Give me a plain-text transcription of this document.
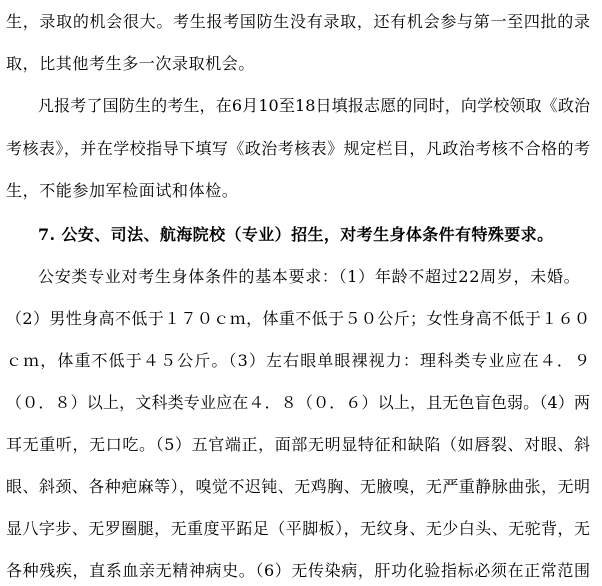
生，录取的机会很大。考生报考国防生没有录取，还有机会参与第一至四批的录
取，比其他考生多一次录取机会。
凡报考了国防生的考生，在6月10至18日填报志愿的同时，向学校领取《政治
考核表》，并在学校指导下填写《政治考核表》规定栏目，凡政治考核不合格的考
生，不能参加军检面试和体检。
7. 公安、司法、航海院校（专业）招生，对考生身体条件有特殊要求。
公安类专业对考生身体条件的基本要求：（1）年龄不超过22周岁，未婚。
（2）男性身高不低于１７０ｃｍ，体重不低于５０公斤；女性身高不低于１６０
ｃｍ，体重不低于４５公斤。（3）左右眼单眼裸视力：理科类专业应在４．９
（０．８）以上，文科类专业应在４．８（０．６）以上，且无色盲色弱。（4）两
耳无重听，无口吃。（5）五官端正，面部无明显特征和缺陷（如唇裂、对眼、斜
眼、斜颈、各种疤麻等），嗅觉不迟钝、无鸡胸、无腋嗅，无严重静脉曲张，无明
显八字步、无罗圈腿，无重度平跖足（平脚板），无纹身、无少白头、无驼背，无
各种残疾，直系血亲无精神病史。（6）无传染病，肝功化验指标必须在正常范围
